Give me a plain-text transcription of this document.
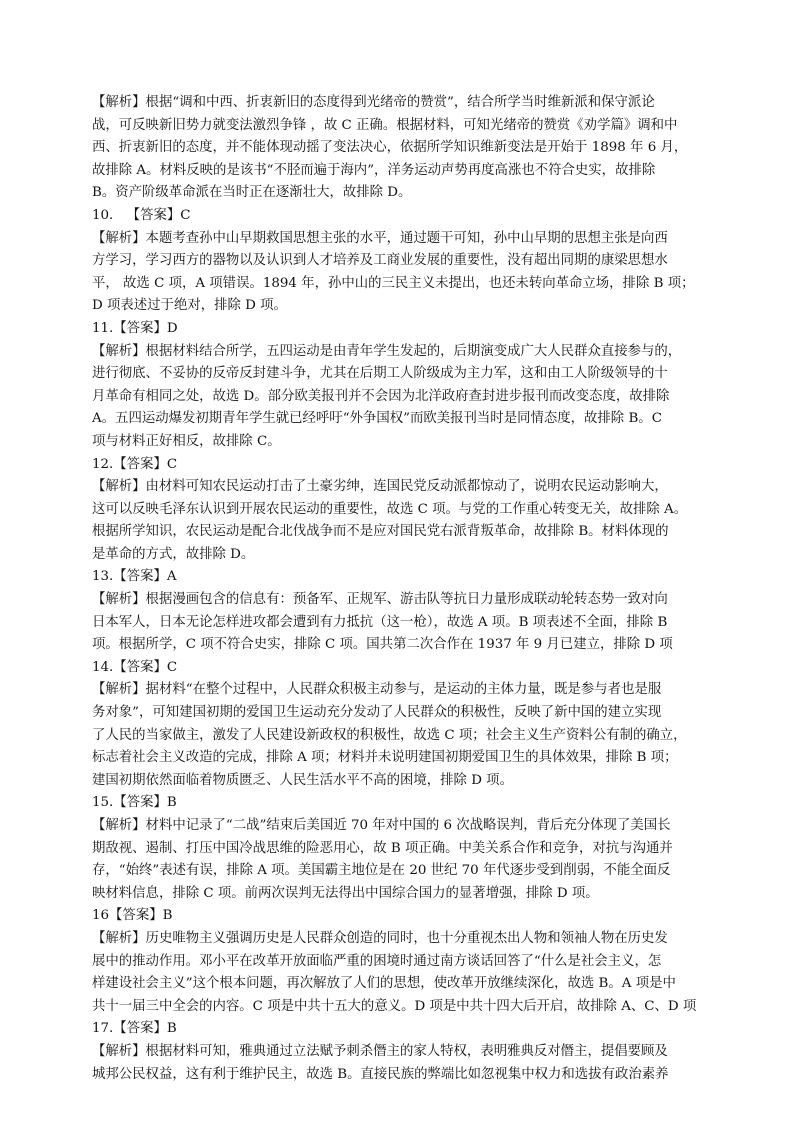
【解析】根据“调和中西、折衷新旧的态度得到光绪帝的赞赏”，结合所学当时维新派和保守派论
战，可反映新旧势力就变法激烈争锋 ，故 C 正确。根据材料，可知光绪帝的赞赏《劝学篇》调和中
西、折衷新旧的态度，并不能体现动摇了变法决心，依据所学知识维新变法是开始于 1898 年 6 月，
故排除 A。材料反映的是该书“不胫而遍于海内”，洋务运动声势再度高涨也不符合史实，故排除
B。资产阶级革命派在当时正在逐渐壮大，故排除 D。
10． 【答案】C
【解析】本题考查孙中山早期救国思想主张的水平，通过题干可知，孙中山早期的思想主张是向西
方学习，学习西方的器物以及认识到人才培养及工商业发展的重要性，没有超出同期的康梁思想水
平， 故选 C 项，A 项错误。1894 年，孙中山的三民主义未提出，也还未转向革命立场，排除 B 项；
D 项表述过于绝对，排除 D 项。
11.【答案】D
【解析】根据材料结合所学，五四运动是由青年学生发起的，后期演变成广大人民群众直接参与的，
进行彻底、不妥协的反帝反封建斗争，尤其在后期工人阶级成为主力军，这和由工人阶级领导的十
月革命有相同之处，故选 D。部分欧美报刊并不会因为北洋政府查封进步报刊而改变态度，故排除
A。五四运动爆发初期青年学生就已经呼吁“外争国权”而欧美报刊当时是同情态度，故排除 B。C
项与材料正好相反，故排除 C。
12.【答案】C
【解析】由材料可知农民运动打击了土豪劣绅，连国民党反动派都惊动了，说明农民运动影响大，
这可以反映毛泽东认识到开展农民运动的重要性，故选 C 项。与党的工作重心转变无关，故排除 A。
根据所学知识，农民运动是配合北伐战争而不是应对国民党右派背叛革命，故排除 B。材料体现的
是革命的方式，故排除 D。
13.【答案】A
【解析】根据漫画包含的信息有：预备军、正规军、游击队等抗日力量形成联动轮转态势一致对向
日本军人，日本无论怎样进攻都会遭到有力抵抗（这一枪），故选 A 项。B 项表述不全面，排除 B
项。根据所学，C 项不符合史实，排除 C 项。国共第二次合作在 1937 年 9 月已建立，排除 D 项
14.【答案】C
【解析】据材料“在整个过程中，人民群众积极主动参与，是运动的主体力量，既是参与者也是服
务对象”，可知建国初期的爱国卫生运动充分发动了人民群众的积极性，反映了新中国的建立实现
了人民的当家做主，激发了人民建设新政权的积极性，故选 C 项；社会主义生产资料公有制的确立，
标志着社会主义改造的完成，排除 A 项；材料并未说明建国初期爱国卫生的具体效果，排除 B 项；
建国初期依然面临着物质匮乏、人民生活水平不高的困境，排除 D 项。
15.【答案】B
【解析】材料中记录了“二战”结束后美国近 70 年对中国的 6 次战略误判，背后充分体现了美国长
期敌视、遏制、打压中国冷战思维的险恶用心，故 B 项正确。中美关系合作和竞争，对抗与沟通并
存，“始终”表述有误，排除 A 项。美国霸主地位是在 20 世纪 70 年代逐步受到削弱，不能全面反
映材料信息，排除 C 项。前两次误判无法得出中国综合国力的显著增强，排除 D 项。
16【答案】B
【解析】历史唯物主义强调历史是人民群众创造的同时，也十分重视杰出人物和领袖人物在历史发
展中的推动作用。邓小平在改革开放面临严重的困境时通过南方谈话回答了“什么是社会主义，怎
样建设社会主义”这个根本问题，再次解放了人们的思想，使改革开放继续深化，故选 B。A 项是中
共十一届三中全会的内容。C 项是中共十五大的意义。D 项是中共十四大后开启，故排除 A、C、D 项
17.【答案】B
【解析】根据材料可知，雅典通过立法赋予刺杀僭主的家人特权，表明雅典反对僭主，提倡要顾及
城邦公民权益，这有利于维护民主，故选 B。直接民族的弊端比如忽视集中权力和选拔有政治素养
